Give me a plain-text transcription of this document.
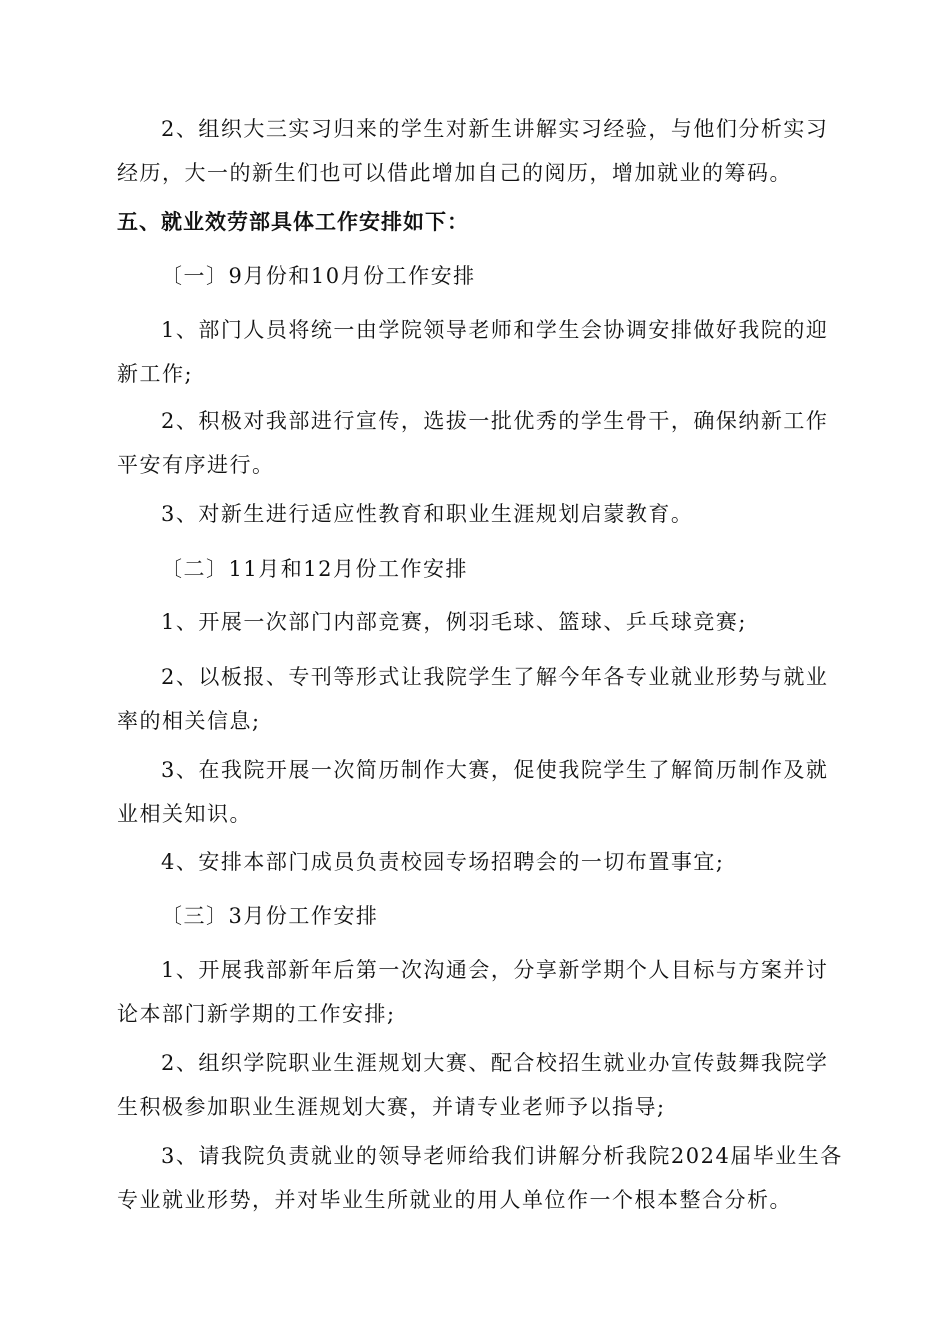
2、组织大三实习归来的学生对新生讲解实习经验，与他们分析实习
经历，大一的新生们也可以借此增加自己的阅历，增加就业的筹码。

五、就业效劳部具体工作安排如下：

〔一〕9月份和10月份工作安排

1、部门人员将统一由学院领导老师和学生会协调安排做好我院的迎
新工作;

2、积极对我部进行宣传，选拔一批优秀的学生骨干，确保纳新工作
平安有序进行。

3、对新生进行适应性教育和职业生涯规划启蒙教育。

〔二〕11月和12月份工作安排

1、开展一次部门内部竞赛，例羽毛球、篮球、乒乓球竞赛;

2、以板报、专刊等形式让我院学生了解今年各专业就业形势与就业
率的相关信息;

3、在我院开展一次简历制作大赛，促使我院学生了解简历制作及就
业相关知识。

4、安排本部门成员负责校园专场招聘会的一切布置事宜;

〔三〕3月份工作安排

1、开展我部新年后第一次沟通会，分享新学期个人目标与方案并讨
论本部门新学期的工作安排;

2、组织学院职业生涯规划大赛、配合校招生就业办宣传鼓舞我院学
生积极参加职业生涯规划大赛，并请专业老师予以指导;

3、请我院负责就业的领导老师给我们讲解分析我院2024届毕业生各
专业就业形势，并对毕业生所就业的用人单位作一个根本整合分析。
